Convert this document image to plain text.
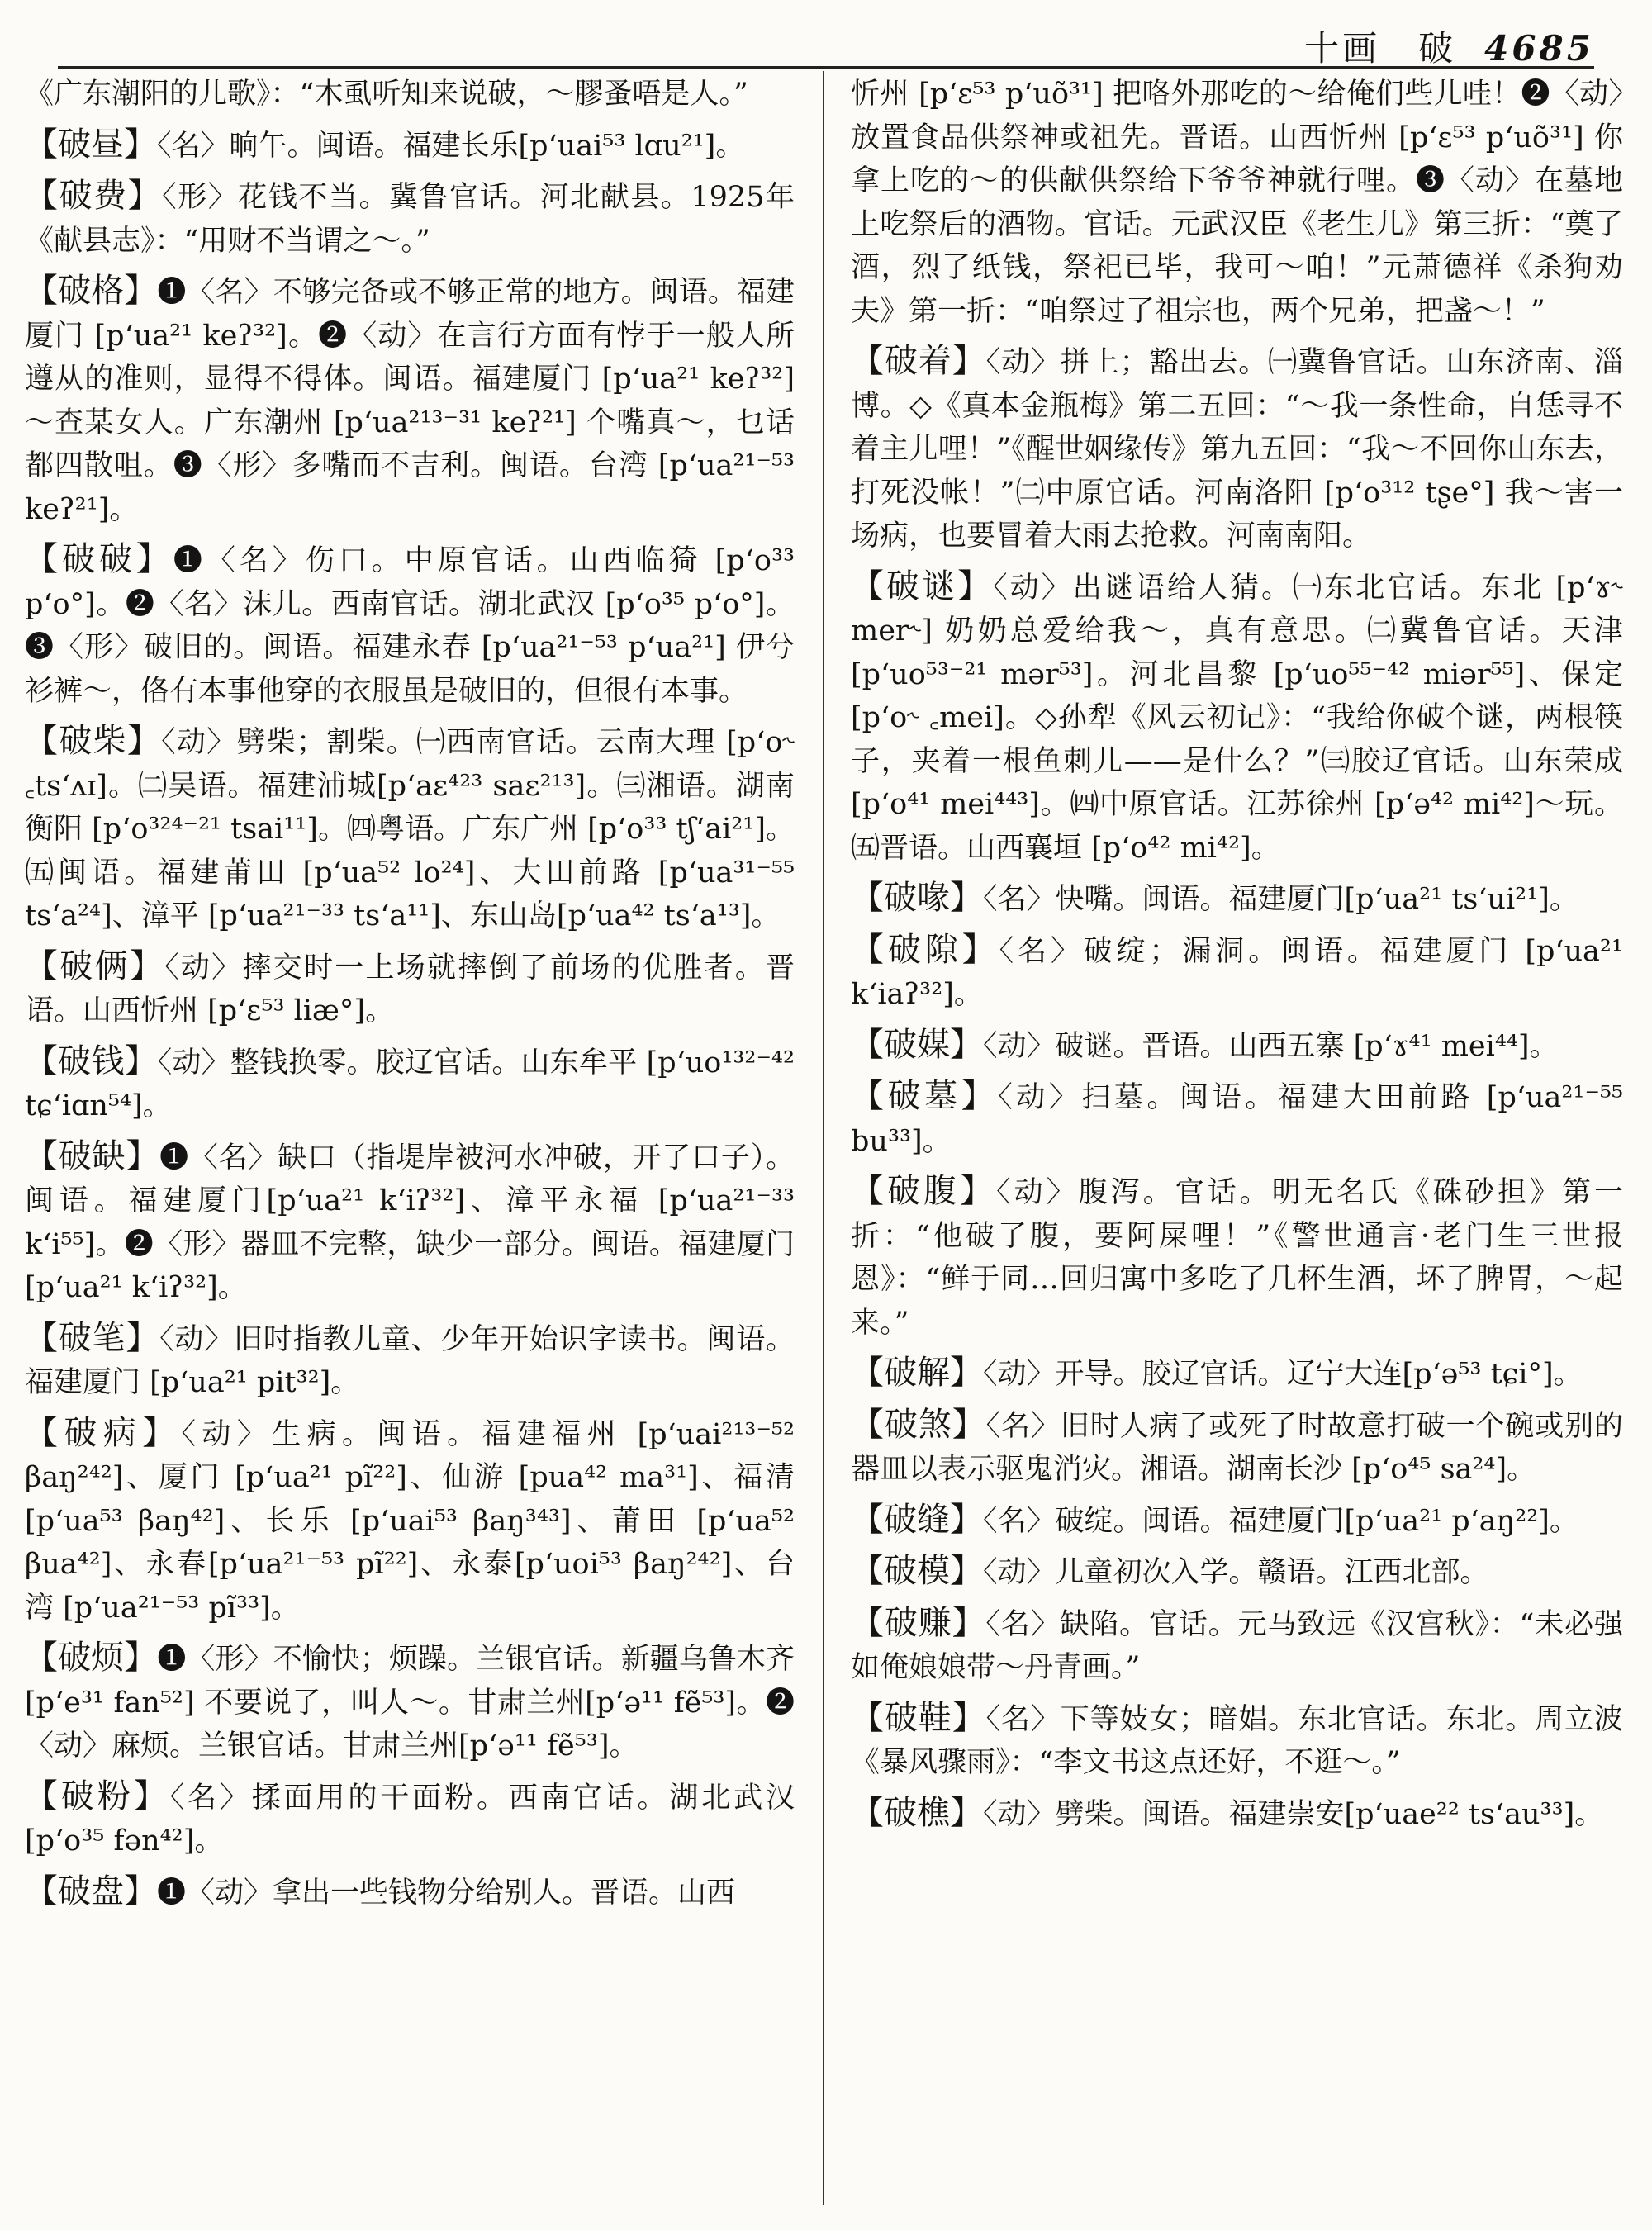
十画　破 4685

《广东潮阳的儿歌》：“木虱听知来说破，～膠蚤唔是人。”

【破昼】〈名〉晌午。闽语。福建长乐[pʻuai⁵³ lɑu²¹]。

【破费】〈形〉花钱不当。冀鲁官话。河北献县。1925年《献县志》：“用财不当谓之～。”

【破格】❶〈名〉不够完备或不够正常的地方。闽语。福建厦门 [pʻua²¹ keʔ³²]。❷〈动〉在言行方面有悖于一般人所遵从的准则，显得不得体。闽语。福建厦门 [pʻua²¹ keʔ³²] ～查某女人。广东潮州 [pʻua²¹³⁻³¹ keʔ²¹] 个嘴真～，乜话都四散咀。❸〈形〉多嘴而不吉利。闽语。台湾 [pʻua²¹⁻⁵³ keʔ²¹]。

【破破】❶〈名〉伤口。中原官话。山西临猗 [pʻo³³ pʻo°]。❷〈名〉沫儿。西南官话。湖北武汉 [pʻo³⁵ pʻo°]。❸〈形〉破旧的。闽语。福建永春 [pʻua²¹⁻⁵³ pʻua²¹] 伊兮衫裤～，佫有本事他穿的衣服虽是破旧的，但很有本事。

【破柴】〈动〉劈柴；割柴。㈠西南官话。云南大理 [pʻo˞ ꜀tsʻʌɪ]。㈡吴语。福建浦城[pʻaɛ⁴²³ saɛ²¹³]。㈢湘语。湖南衡阳 [pʻo³²⁴⁻²¹ tsai¹¹]。㈣粤语。广东广州 [pʻo³³ tʃʻai²¹]。㈤闽语。福建莆田 [pʻua⁵² lo²⁴]、大田前路 [pʻua³¹⁻⁵⁵ tsʻa²⁴]、漳平 [pʻua²¹⁻³³ tsʻa¹¹]、东山岛[pʻua⁴² tsʻa¹³]。

【破俩】〈动〉摔交时一上场就摔倒了前场的优胜者。晋语。山西忻州 [pʻɛ⁵³ liæ°]。

【破钱】〈动〉整钱换零。胶辽官话。山东牟平 [pʻuo¹³²⁻⁴² tɕʻiɑn⁵⁴]。

【破缺】❶〈名〉缺口（指堤岸被河水冲破，开了口子）。闽语。福建厦门[pʻua²¹ kʻiʔ³²]、漳平永福 [pʻua²¹⁻³³ kʻi⁵⁵]。❷〈形〉器皿不完整，缺少一部分。闽语。福建厦门 [pʻua²¹ kʻiʔ³²]。

【破笔】〈动〉旧时指教儿童、少年开始识字读书。闽语。福建厦门 [pʻua²¹ pit³²]。

【破病】〈动〉生病。闽语。福建福州 [pʻuai²¹³⁻⁵² βaŋ²⁴²]、厦门 [pʻua²¹ pĩ²²]、仙游 [pua⁴² ma³¹]、福清 [pʻua⁵³ βaŋ⁴²]、长乐 [pʻuai⁵³ βaŋ³⁴³]、莆田 [pʻua⁵² βua⁴²]、永春[pʻua²¹⁻⁵³ pĩ²²]、永泰[pʻuoi⁵³ βaŋ²⁴²]、台湾 [pʻua²¹⁻⁵³ pĩ³³]。

【破烦】❶〈形〉不愉快；烦躁。兰银官话。新疆乌鲁木齐 [pʻe³¹ fan⁵²] 不要说了，叫人～。甘肃兰州[pʻə¹¹ fẽ⁵³]。❷〈动〉麻烦。兰银官话。甘肃兰州[pʻə¹¹ fẽ⁵³]。

【破粉】〈名〉揉面用的干面粉。西南官话。湖北武汉 [pʻo³⁵ fən⁴²]。

【破盘】❶〈动〉拿出一些钱物分给别人。晋语。山西

忻州 [pʻɛ⁵³ pʻuõ³¹] 把咯外那吃的～给俺们些儿哇！❷〈动〉放置食品供祭神或祖先。晋语。山西忻州 [pʻɛ⁵³ pʻuõ³¹] 你拿上吃的～的供献供祭给下爷爷神就行哩。❸〈动〉在墓地上吃祭后的酒物。官话。元武汉臣《老生儿》第三折：“奠了酒，烈了纸钱，祭祀已毕，我可～咱！”元萧德祥《杀狗劝夫》第一折：“咱祭过了祖宗也，两个兄弟，把盏～！”

【破着】〈动〉拼上；豁出去。㈠冀鲁官话。山东济南、淄博。◇《真本金瓶梅》第二五回：“～我一条性命，自恁寻不着主儿哩！”《醒世姻缘传》第九五回：“我～不回你山东去，打死没帐！”㈡中原官话。河南洛阳 [pʻo³¹² tʂe°] 我～害一场病，也要冒着大雨去抢救。河南南阳。

【破谜】〈动〉出谜语给人猜。㈠东北官话。东北 [pʻɤ˞ mer˞] 奶奶总爱给我～，真有意思。㈡冀鲁官话。天津 [pʻuo⁵³⁻²¹ mər⁵³]。河北昌黎 [pʻuo⁵⁵⁻⁴² miər⁵⁵]、保定 [pʻo˞ ꜀mei]。◇孙犁《风云初记》：“我给你破个谜，两根筷子，夹着一根鱼刺儿——是什么？”㈢胶辽官话。山东荣成[pʻo⁴¹ mei⁴⁴³]。㈣中原官话。江苏徐州 [pʻə⁴² mi⁴²]～玩。㈤晋语。山西襄垣 [pʻo⁴² mi⁴²]。

【破喙】〈名〉快嘴。闽语。福建厦门[pʻua²¹ tsʻui²¹]。

【破隙】〈名〉破绽；漏洞。闽语。福建厦门 [pʻua²¹ kʻiaʔ³²]。

【破媒】〈动〉破谜。晋语。山西五寨 [pʻɤ⁴¹ mei⁴⁴]。

【破墓】〈动〉扫墓。闽语。福建大田前路 [pʻua²¹⁻⁵⁵ bu³³]。

【破腹】〈动〉腹泻。官话。明无名氏《硃砂担》第一折：“他破了腹，要阿屎哩！”《警世通言·老门生三世报恩》：“鲜于同…回归寓中多吃了几杯生酒，坏了脾胃，～起来。”

【破解】〈动〉开导。胶辽官话。辽宁大连[pʻə⁵³ tɕi°]。

【破煞】〈名〉旧时人病了或死了时故意打破一个碗或别的器皿以表示驱鬼消灾。湘语。湖南长沙 [pʻo⁴⁵ sa²⁴]。

【破缝】〈名〉破绽。闽语。福建厦门[pʻua²¹ pʻaŋ²²]。

【破模】〈动〉儿童初次入学。赣语。江西北部。

【破赚】〈名〉缺陷。官话。元马致远《汉宫秋》：“未必强如俺娘娘带～丹青画。”

【破鞋】〈名〉下等妓女；暗娼。东北官话。东北。周立波《暴风骤雨》：“李文书这点还好，不逛～。”

【破樵】〈动〉劈柴。闽语。福建崇安[pʻuae²² tsʻau³³]。
